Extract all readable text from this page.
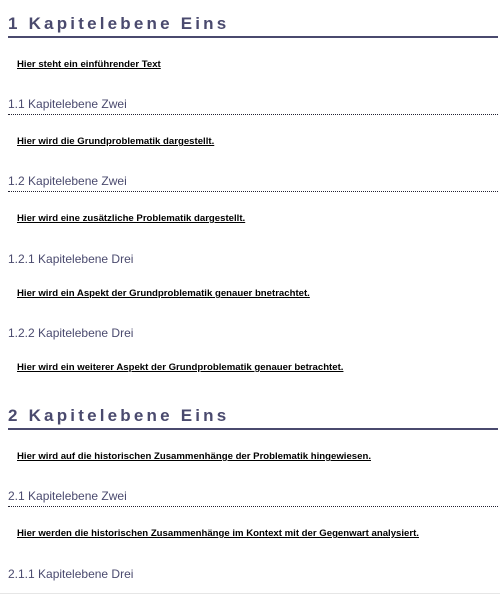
1 Kapitelebene Eins

Hier steht ein einführender Text

1.1 Kapitelebene Zwei

Hier wird die Grundproblematik dargestellt.

1.2 Kapitelebene Zwei

Hier wird eine zusätzliche Problematik dargestellt.

1.2.1 Kapitelebene Drei

Hier wird ein Aspekt der Grundproblematik genauer bnetrachtet.

1.2.2 Kapitelebene Drei

Hier wird ein weiterer Aspekt der Grundproblematik genauer betrachtet.

2 Kapitelebene Eins

Hier wird auf die historischen Zusammenhänge der Problematik hingewiesen.

2.1 Kapitelebene Zwei

Hier werden die historischen Zusammenhänge im Kontext mit der Gegenwart analysiert.

2.1.1 Kapitelebene Drei
